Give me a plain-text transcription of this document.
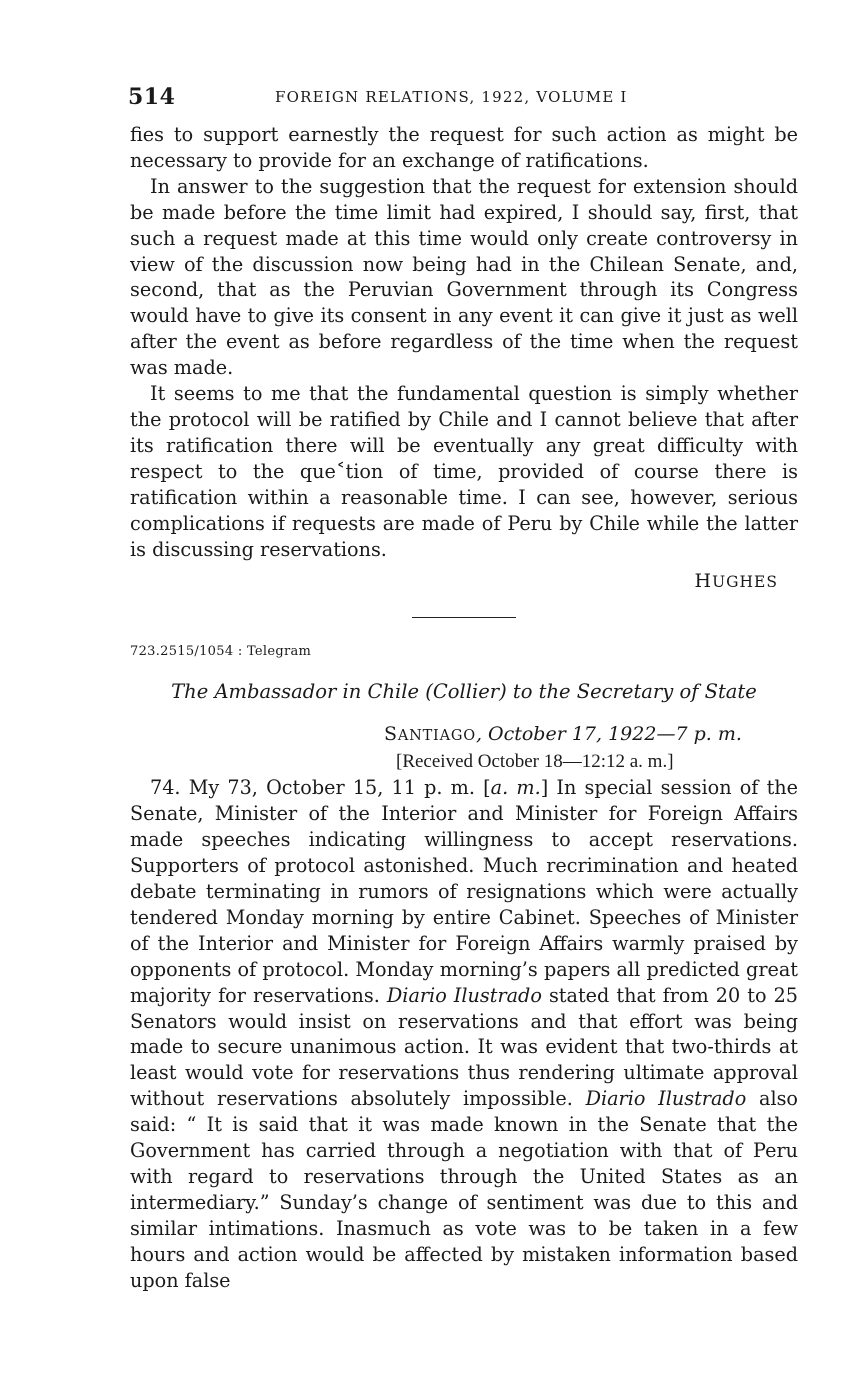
514	FOREIGN RELATIONS, 1922, VOLUME I

fies to support earnestly the request for such action as might be necessary to provide for an exchange of ratifications.

In answer to the suggestion that the request for extension should be made before the time limit had expired, I should say, first, that such a request made at this time would only create controversy in view of the discussion now being had in the Chilean Senate, and, second, that as the Peruvian Government through its Congress would have to give its consent in any event it can give it just as well after the event as before regardless of the time when the request was made.

It seems to me that the fundamental question is simply whether the protocol will be ratified by Chile and I cannot believe that after its ratification there will be eventually any great difficulty with respect to the que˂tion of time, provided of course there is ratification within a reasonable time. I can see, however, serious complications if requests are made of Peru by Chile while the latter is discussing reservations.

HUGHES
723.2515/1054 : Telegram
The Ambassador in Chile (Collier) to the Secretary of State
SANTIAGO, October 17, 1922—7 p. m.
[Received October 18—12:12 a. m.]

74. My 73, October 15, 11 p. m. [a. m.] In special session of the Senate, Minister of the Interior and Minister for Foreign Affairs made speeches indicating willingness to accept reservations. Supporters of protocol astonished. Much recrimination and heated debate terminating in rumors of resignations which were actually tendered Monday morning by entire Cabinet. Speeches of Minister of the Interior and Minister for Foreign Affairs warmly praised by opponents of protocol. Monday morning’s papers all predicted great majority for reservations. Diario Ilustrado stated that from 20 to 25 Senators would insist on reservations and that effort was being made to secure unanimous action. It was evident that two-thirds at least would vote for reservations thus rendering ultimate approval without reservations absolutely impossible. Diario Ilustrado also said: “ It is said that it was made known in the Senate that the Government has carried through a negotiation with that of Peru with regard to reservations through the United States as an intermediary.” Sunday’s change of sentiment was due to this and similar intimations. Inasmuch as vote was to be taken in a few hours and action would be affected by mistaken information based upon false
